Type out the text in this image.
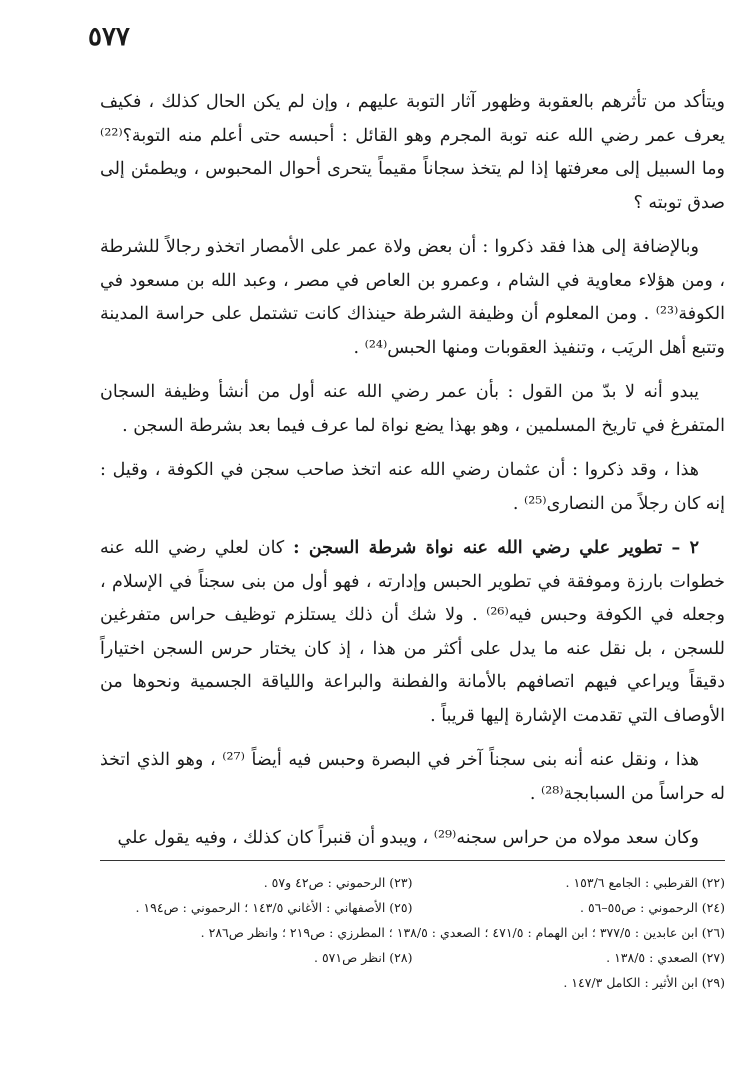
٥٧٧

ويتأكد من تأثرهم بالعقوبة وظهور آثار التوبة عليهم ، وإن لم يكن الحال كذلك ، فكيف يعرف عمر رضي الله عنه توبة المجرم وهو القائل : أحبسه حتى أعلم منه التوبة؟⁽²²⁾ وما السبيل إلى معرفتها إذا لم يتخذ سجاناً مقيماً يتحرى أحوال المحبوس ، ويطمئن إلى صدق توبته ؟

وبالإضافة إلى هذا فقد ذكروا : أن بعض ولاة عمر على الأمصار اتخذو رجالاً للشرطة ، ومن هؤلاء معاوية في الشام ، وعمرو بن العاص في مصر ، وعبد الله بن مسعود في الكوفة⁽²³⁾ . ومن المعلوم أن وظيفة الشرطة حينذاك كانت تشتمل على حراسة المدينة وتتبع أهل الريَب ، وتنفيذ العقوبات ومنها الحبس⁽²⁴⁾ .

يبدو أنه لا بدّ من القول : بأن عمر رضي الله عنه أول من أنشأ وظيفة السجان المتفرغ في تاريخ المسلمين ، وهو بهذا يضع نواة لما عرف فيما بعد بشرطة السجن .

هذا ، وقد ذكروا : أن عثمان رضي الله عنه اتخذ صاحب سجن في الكوفة ، وقيل : إنه كان رجلاً من النصارى⁽²⁵⁾ .

٢ – تطوير علي رضي الله عنه نواة شرطة السجن : كان لعلي رضي الله عنه خطوات بارزة وموفقة في تطوير الحبس وإدارته ، فهو أول من بنى سجناً في الإسلام ، وجعله في الكوفة وحبس فيه⁽²⁶⁾ . ولا شك أن ذلك يستلزم توظيف حراس متفرغين للسجن ، بل نقل عنه ما يدل على أكثر من هذا ، إذ كان يختار حرس السجن اختياراً دقيقاً ويراعي فيهم اتصافهم بالأمانة والفطنة والبراعة واللياقة الجسمية ونحوها من الأوصاف التي تقدمت الإشارة إليها قريباً .

هذا ، ونقل عنه أنه بنى سجناً آخر في البصرة وحبس فيه أيضاً ⁽²⁷⁾ ، وهو الذي اتخذ له حراساً من السبابجة⁽²⁸⁾ .

وكان سعد مولاه من حراس سجنه⁽²⁹⁾ ، ويبدو أن قنبراً كان كذلك ، وفيه يقول علي

(٢٢) القرطبي : الجامع ١٥٣/٦ .
(٢٣) الرحموني : ص٤٢ و٥٧ .
(٢٤) الرحموني : ص٥٥–٥٦ .
(٢٥) الأصفهاني : الأغاني ١٤٣/٥ ؛ الرحموني : ص١٩٤ .
(٢٦) ابن عابدين : ٣٧٧/٥ ؛ ابن الهمام : ٤٧١/٥ ؛ الصعدي : ١٣٨/٥ ؛ المطرزي : ص٢١٩ ؛ وانظر ص٢٨٦ .
(٢٧) الصعدي : ١٣٨/٥ .
(٢٨) انظر ص٥٧١ .
(٢٩) ابن الأثير : الكامل ١٤٧/٣ .
